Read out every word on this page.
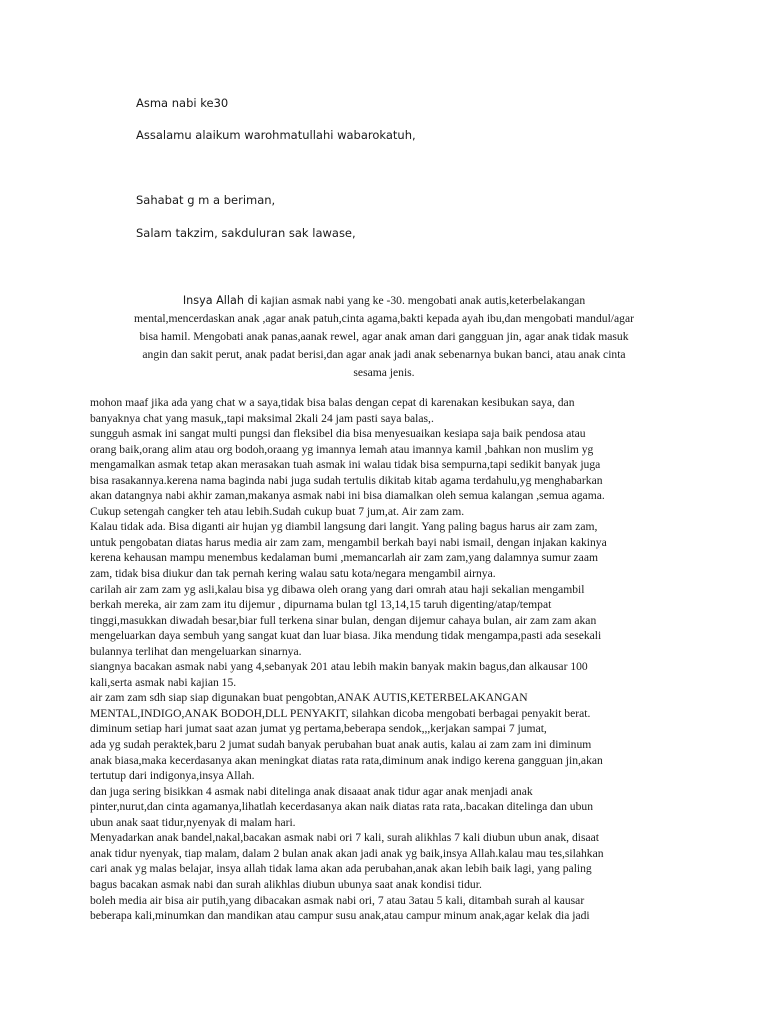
Asma nabi ke30
Assalamu alaikum warohmatullahi wabarokatuh,
Sahabat g m a beriman,
Salam takzim, sakduluran sak lawase,
Insya Allah di kajian asmak nabi yang ke -30. mengobati anak autis,keterbelakangan
mental,mencerdaskan anak ,agar anak patuh,cinta agama,bakti kepada ayah ibu,dan mengobati mandul/agar
bisa hamil. Mengobati anak panas,aanak rewel, agar anak aman dari gangguan jin, agar anak tidak masuk
angin dan sakit perut, anak padat berisi,dan agar anak jadi anak sebenarnya bukan banci, atau anak cinta
sesama jenis.

mohon maaf jika ada yang chat w a saya,tidak bisa balas dengan cepat di karenakan kesibukan saya, dan

banyaknya chat yang masuk,,tapi maksimal 2kali 24 jam pasti saya balas,.

sungguh asmak ini sangat multi pungsi dan fleksibel dia bisa menyesuaikan kesiapa saja baik pendosa atau

orang baik,orang alim atau org bodoh,oraang yg imannya lemah atau imannya kamil ,bahkan non muslim yg

mengamalkan asmak tetap akan merasakan tuah asmak ini walau tidak bisa sempurna,tapi sedikit banyak juga

bisa rasakannya.kerena nama baginda nabi juga sudah tertulis dikitab kitab agama terdahulu,yg menghabarkan

akan datangnya nabi akhir zaman,makanya asmak nabi ini bisa diamalkan oleh semua kalangan ,semua agama.

Cukup setengah cangker teh atau lebih.Sudah cukup buat 7 jum,at. Air zam zam.

Kalau tidak ada. Bisa diganti air hujan yg diambil langsung dari langit. Yang paling bagus harus air zam zam,

untuk pengobatan diatas harus media air zam zam, mengambil berkah bayi nabi ismail, dengan injakan kakinya

kerena kehausan mampu menembus kedalaman bumi ,memancarlah air zam zam,yang dalamnya sumur zaam

zam, tidak bisa diukur dan tak pernah kering walau satu kota/negara mengambil airnya.

carilah air zam zam yg asli,kalau bisa yg dibawa oleh orang yang dari omrah atau haji sekalian mengambil

berkah mereka, air zam zam itu dijemur , dipurnama bulan tgl 13,14,15 taruh digenting/atap/tempat

tinggi,masukkan diwadah besar,biar full terkena sinar bulan, dengan dijemur cahaya bulan, air zam zam akan

mengeluarkan daya sembuh yang sangat kuat dan luar biasa. Jika mendung tidak mengampa,pasti ada sesekali

bulannya terlihat dan mengeluarkan sinarnya.

siangnya bacakan asmak nabi yang 4,sebanyak 201 atau lebih makin banyak makin bagus,dan alkausar 100

kali,serta asmak nabi kajian 15.

air zam zam sdh siap siap digunakan buat pengobtan,ANAK AUTIS,KETERBELAKANGAN

MENTAL,INDIGO,ANAK BODOH,DLL PENYAKIT, silahkan dicoba mengobati berbagai penyakit berat.

diminum setiap hari jumat saat azan jumat yg pertama,beberapa sendok,,,kerjakan sampai 7 jumat,

ada yg sudah peraktek,baru 2 jumat sudah banyak perubahan buat anak autis, kalau ai zam zam ini diminum

anak biasa,maka kecerdasanya akan meningkat diatas rata rata,diminum anak indigo kerena gangguan jin,akan

tertutup dari indigonya,insya Allah.

dan juga sering bisikkan 4 asmak nabi ditelinga anak disaaat anak tidur agar anak menjadi anak

pinter,nurut,dan cinta agamanya,lihatlah kecerdasanya akan naik diatas rata rata,.bacakan ditelinga dan ubun

ubun anak saat tidur,nyenyak di malam hari.

Menyadarkan anak bandel,nakal,bacakan asmak nabi ori 7 kali, surah alikhlas 7 kali diubun ubun anak, disaat

anak tidur nyenyak, tiap malam, dalam 2 bulan anak akan jadi anak yg baik,insya Allah.kalau mau tes,silahkan

cari anak yg malas belajar, insya allah tidak lama akan ada perubahan,anak akan lebih baik lagi, yang paling

bagus bacakan asmak nabi dan surah alikhlas diubun ubunya saat anak kondisi tidur.

boleh media air bisa air putih,yang dibacakan asmak nabi ori, 7 atau 3atau 5 kali, ditambah surah al kausar

beberapa kali,minumkan dan mandikan atau campur susu anak,atau campur minum anak,agar kelak dia jadi
